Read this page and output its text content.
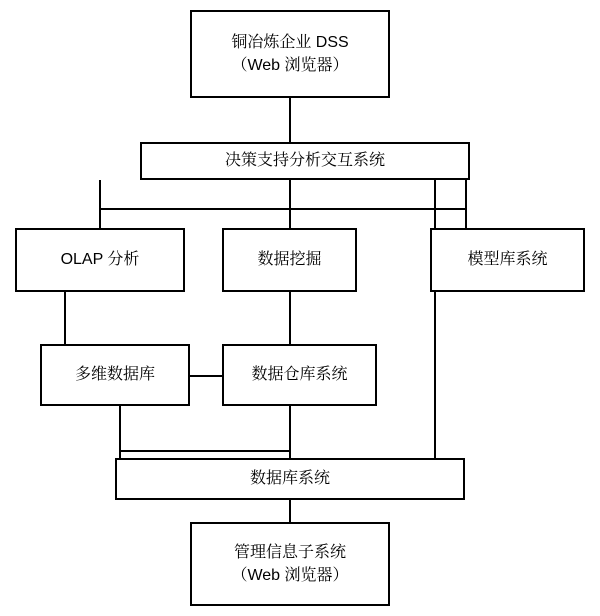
铜冶炼企业 DSS
（Web 浏览器）
决策支持分析交互系统
OLAP 分析	数据挖掘	模型库系统
多维数据库	数据仓库系统
数据库系统
管理信息子系统
（Web 浏览器）
